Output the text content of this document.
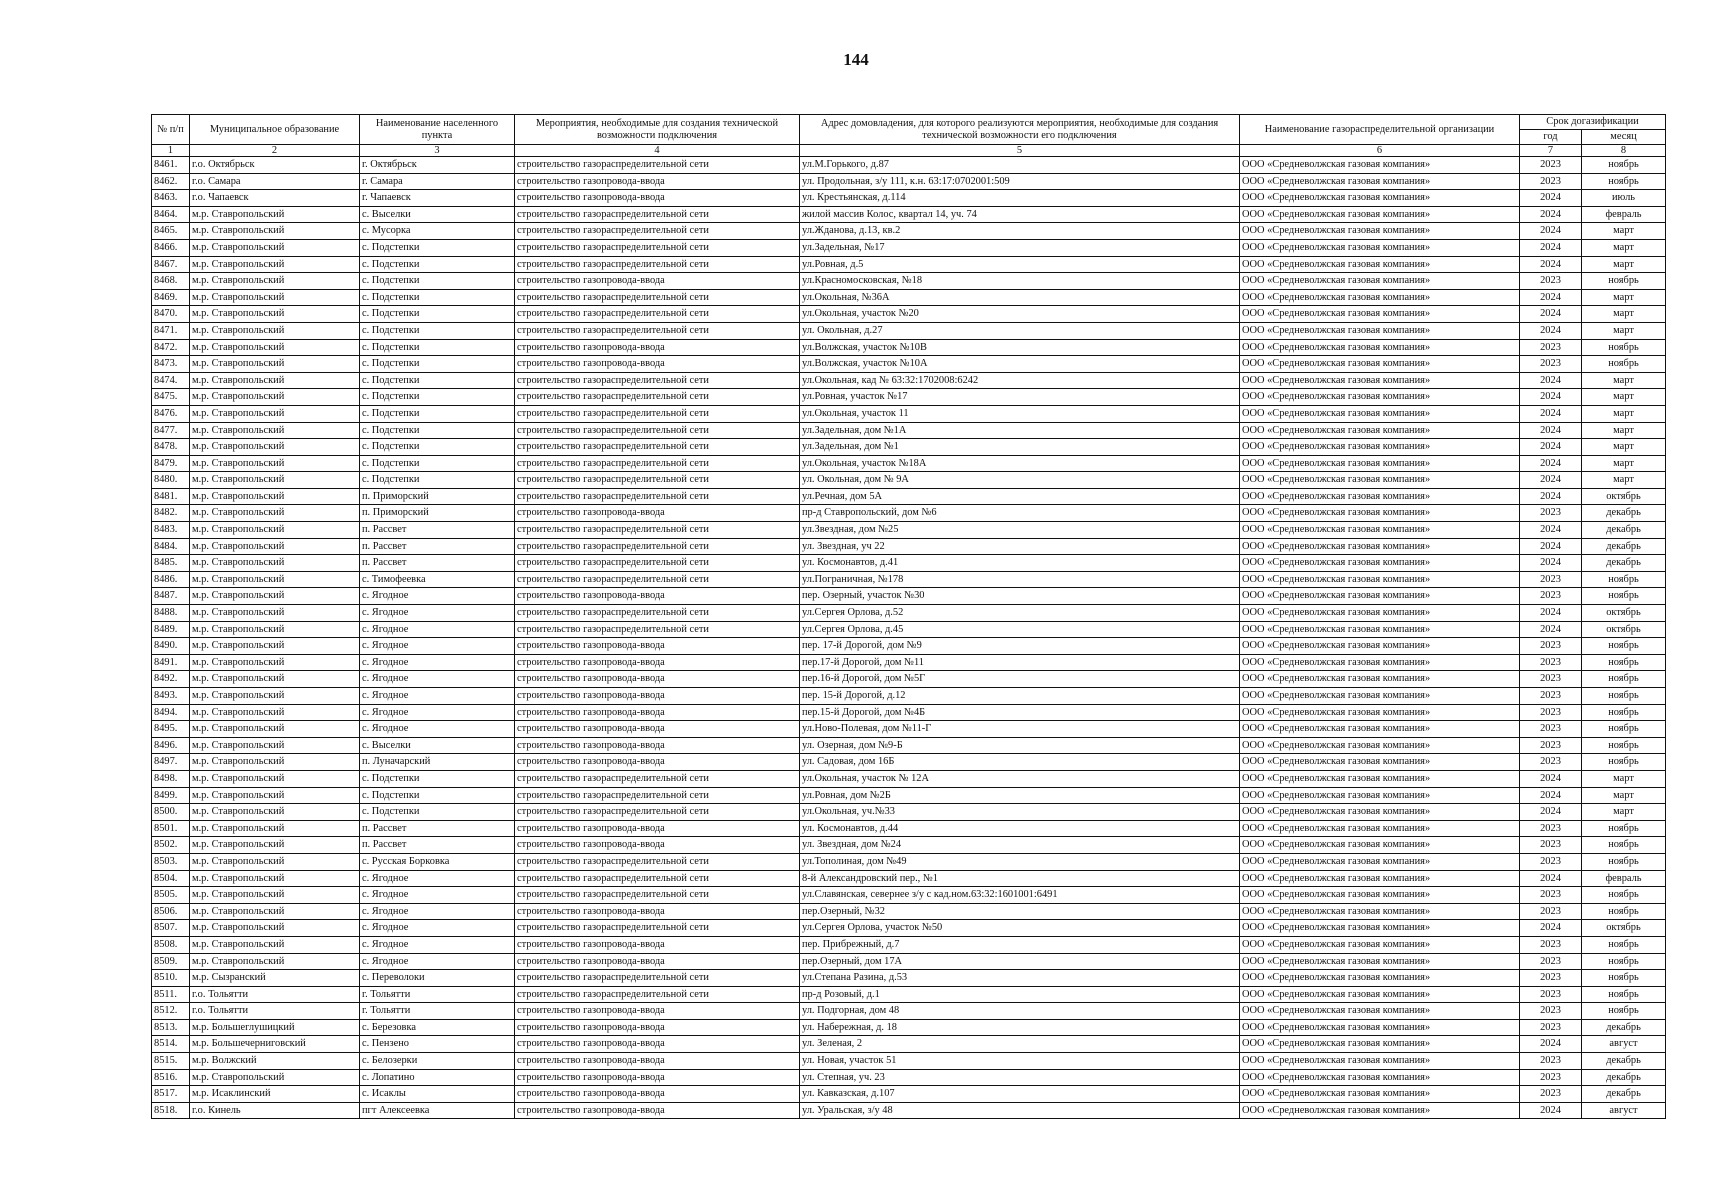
144
№ п/п	Муниципальное образование	Наименование населенного пункта	Мероприятия, необходимые для создания технической возможности подключения	Адрес домовладения, для которого реализуются мероприятия, необходимые для создания технической возможности его подключения	Наименование газораспределительной организации	Срок догазификации	
						год	месяц
1	2	3	4	5	6	7	8
8461.	г.о. Октябрьск	г. Октябрьск	строительство газораспределительной сети	ул.М.Горького, д.87	ООО «Средневолжская газовая компания»	2023	ноябрь
8462.	г.о. Самара	г. Самара	строительство газопровода-ввода	ул. Продольная, з/у 111, к.н. 63:17:0702001:509	ООО «Средневолжская газовая компания»	2023	ноябрь
8463.	г.о. Чапаевск	г. Чапаевск	строительство газопровода-ввода	ул. Крестьянская, д.114	ООО «Средневолжская газовая компания»	2024	июль
8464.	м.р. Ставропольский	с. Выселки	строительство газораспределительной сети	жилой массив Колос, квартал 14, уч. 74	ООО «Средневолжская газовая компания»	2024	февраль
8465.	м.р. Ставропольский	с. Мусорка	строительство газораспределительной сети	ул.Жданова, д.13, кв.2	ООО «Средневолжская газовая компания»	2024	март
8466.	м.р. Ставропольский	с. Подстепки	строительство газораспределительной сети	ул.Задельная, №17	ООО «Средневолжская газовая компания»	2024	март
8467.	м.р. Ставропольский	с. Подстепки	строительство газораспределительной сети	ул.Ровная, д.5	ООО «Средневолжская газовая компания»	2024	март
8468.	м.р. Ставропольский	с. Подстепки	строительство газопровода-ввода	ул.Красномосковская, №18	ООО «Средневолжская газовая компания»	2023	ноябрь
8469.	м.р. Ставропольский	с. Подстепки	строительство газораспределительной сети	ул.Окольная, №36А	ООО «Средневолжская газовая компания»	2024	март
8470.	м.р. Ставропольский	с. Подстепки	строительство газораспределительной сети	ул.Окольная, участок №20	ООО «Средневолжская газовая компания»	2024	март
8471.	м.р. Ставропольский	с. Подстепки	строительство газораспределительной сети	ул. Окольная, д.27	ООО «Средневолжская газовая компания»	2024	март
8472.	м.р. Ставропольский	с. Подстепки	строительство газопровода-ввода	ул.Волжская, участок №10В	ООО «Средневолжская газовая компания»	2023	ноябрь
8473.	м.р. Ставропольский	с. Подстепки	строительство газопровода-ввода	ул.Волжская, участок №10А	ООО «Средневолжская газовая компания»	2023	ноябрь
8474.	м.р. Ставропольский	с. Подстепки	строительство газораспределительной сети	ул.Окольная, кад № 63:32:1702008:6242	ООО «Средневолжская газовая компания»	2024	март
8475.	м.р. Ставропольский	с. Подстепки	строительство газораспределительной сети	ул.Ровная, участок №17	ООО «Средневолжская газовая компания»	2024	март
8476.	м.р. Ставропольский	с. Подстепки	строительство газораспределительной сети	ул.Окольная, участок 11	ООО «Средневолжская газовая компания»	2024	март
8477.	м.р. Ставропольский	с. Подстепки	строительство газораспределительной сети	ул.Задельная, дом №1А	ООО «Средневолжская газовая компания»	2024	март
8478.	м.р. Ставропольский	с. Подстепки	строительство газораспределительной сети	ул.Задельная, дом №1	ООО «Средневолжская газовая компания»	2024	март
8479.	м.р. Ставропольский	с. Подстепки	строительство газораспределительной сети	ул.Окольная, участок №18А	ООО «Средневолжская газовая компания»	2024	март
8480.	м.р. Ставропольский	с. Подстепки	строительство газораспределительной сети	ул. Окольная, дом № 9А	ООО «Средневолжская газовая компания»	2024	март
8481.	м.р. Ставропольский	п. Приморский	строительство газораспределительной сети	ул.Речная, дом 5А	ООО «Средневолжская газовая компания»	2024	октябрь
8482.	м.р. Ставропольский	п. Приморский	строительство газопровода-ввода	пр-д Ставропольский, дом №6	ООО «Средневолжская газовая компания»	2023	декабрь
8483.	м.р. Ставропольский	п. Рассвет	строительство газораспределительной сети	ул.Звездная, дом №25	ООО «Средневолжская газовая компания»	2024	декабрь
8484.	м.р. Ставропольский	п. Рассвет	строительство газораспределительной сети	ул. Звездная, уч 22	ООО «Средневолжская газовая компания»	2024	декабрь
8485.	м.р. Ставропольский	п. Рассвет	строительство газораспределительной сети	ул. Космонавтов, д.41	ООО «Средневолжская газовая компания»	2024	декабрь
8486.	м.р. Ставропольский	с. Тимофеевка	строительство газораспределительной сети	ул.Пограничная, №178	ООО «Средневолжская газовая компания»	2023	ноябрь
8487.	м.р. Ставропольский	с. Ягодное	строительство газопровода-ввода	пер. Озерный, участок №30	ООО «Средневолжская газовая компания»	2023	ноябрь
8488.	м.р. Ставропольский	с. Ягодное	строительство газораспределительной сети	ул.Сергея Орлова, д.52	ООО «Средневолжская газовая компания»	2024	октябрь
8489.	м.р. Ставропольский	с. Ягодное	строительство газораспределительной сети	ул.Сергея Орлова, д.45	ООО «Средневолжская газовая компания»	2024	октябрь
8490.	м.р. Ставропольский	с. Ягодное	строительство газопровода-ввода	пер. 17-й Дорогой, дом №9	ООО «Средневолжская газовая компания»	2023	ноябрь
8491.	м.р. Ставропольский	с. Ягодное	строительство газопровода-ввода	пер.17-й Дорогой, дом №11	ООО «Средневолжская газовая компания»	2023	ноябрь
8492.	м.р. Ставропольский	с. Ягодное	строительство газопровода-ввода	пер.16-й Дорогой, дом №5Г	ООО «Средневолжская газовая компания»	2023	ноябрь
8493.	м.р. Ставропольский	с. Ягодное	строительство газопровода-ввода	пер. 15-й Дорогой, д.12	ООО «Средневолжская газовая компания»	2023	ноябрь
8494.	м.р. Ставропольский	с. Ягодное	строительство газопровода-ввода	пер.15-й Дорогой, дом №4Б	ООО «Средневолжская газовая компания»	2023	ноябрь
8495.	м.р. Ставропольский	с. Ягодное	строительство газопровода-ввода	ул.Ново-Полевая, дом №11-Г	ООО «Средневолжская газовая компания»	2023	ноябрь
8496.	м.р. Ставропольский	с. Выселки	строительство газопровода-ввода	ул. Озерная, дом №9-Б	ООО «Средневолжская газовая компания»	2023	ноябрь
8497.	м.р. Ставропольский	п. Луначарский	строительство газопровода-ввода	ул. Садовая, дом 16Б	ООО «Средневолжская газовая компания»	2023	ноябрь
8498.	м.р. Ставропольский	с. Подстепки	строительство газораспределительной сети	ул.Окольная, участок № 12А	ООО «Средневолжская газовая компания»	2024	март
8499.	м.р. Ставропольский	с. Подстепки	строительство газораспределительной сети	ул.Ровная, дом №2Б	ООО «Средневолжская газовая компания»	2024	март
8500.	м.р. Ставропольский	с. Подстепки	строительство газораспределительной сети	ул.Окольная, уч.№33	ООО «Средневолжская газовая компания»	2024	март
8501.	м.р. Ставропольский	п. Рассвет	строительство газопровода-ввода	ул. Космонавтов, д.44	ООО «Средневолжская газовая компания»	2023	ноябрь
8502.	м.р. Ставропольский	п. Рассвет	строительство газопровода-ввода	ул. Звездная, дом №24	ООО «Средневолжская газовая компания»	2023	ноябрь
8503.	м.р. Ставропольский	с. Русская Борковка	строительство газораспределительной сети	ул.Тополиная, дом №49	ООО «Средневолжская газовая компания»	2023	ноябрь
8504.	м.р. Ставропольский	с. Ягодное	строительство газораспределительной сети	8-й Александровский пер., №1	ООО «Средневолжская газовая компания»	2024	февраль
8505.	м.р. Ставропольский	с. Ягодное	строительство газораспределительной сети	ул.Славянская, севернее з/у с кад.ном.63:32:1601001:6491	ООО «Средневолжская газовая компания»	2023	ноябрь
8506.	м.р. Ставропольский	с. Ягодное	строительство газопровода-ввода	пер.Озерный, №32	ООО «Средневолжская газовая компания»	2023	ноябрь
8507.	м.р. Ставропольский	с. Ягодное	строительство газораспределительной сети	ул.Сергея Орлова, участок №50	ООО «Средневолжская газовая компания»	2024	октябрь
8508.	м.р. Ставропольский	с. Ягодное	строительство газопровода-ввода	пер. Прибрежный, д.7	ООО «Средневолжская газовая компания»	2023	ноябрь
8509.	м.р. Ставропольский	с. Ягодное	строительство газопровода-ввода	пер.Озерный, дом 17А	ООО «Средневолжская газовая компания»	2023	ноябрь
8510.	м.р. Сызранский	с. Переволоки	строительство газораспределительной сети	ул.Степана Разина, д.53	ООО «Средневолжская газовая компания»	2023	ноябрь
8511.	г.о. Тольятти	г. Тольятти	строительство газораспределительной сети	пр-д Розовый, д.1	ООО «Средневолжская газовая компания»	2023	ноябрь
8512.	г.о. Тольятти	г. Тольятти	строительство газопровода-ввода	ул. Подгорная, дом 48	ООО «Средневолжская газовая компания»	2023	ноябрь
8513.	м.р. Большеглушицкий	с. Березовка	строительство газопровода-ввода	ул. Набережная, д. 18	ООО «Средневолжская газовая компания»	2023	декабрь
8514.	м.р. Большечерниговский	с. Пензено	строительство газопровода-ввода	ул. Зеленая, 2	ООО «Средневолжская газовая компания»	2024	август
8515.	м.р. Волжский	с. Белозерки	строительство газопровода-ввода	ул. Новая, участок 51	ООО «Средневолжская газовая компания»	2023	декабрь
8516.	м.р. Ставропольский	с. Лопатино	строительство газопровода-ввода	ул. Степная, уч. 23	ООО «Средневолжская газовая компания»	2023	декабрь
8517.	м.р. Исаклинский	с. Исаклы	строительство газопровода-ввода	ул. Кавказская, д.107	ООО «Средневолжская газовая компания»	2023	декабрь
8518.	г.о. Кинель	пгт Алексеевка	строительство газопровода-ввода	ул. Уральская, з/у 48	ООО «Средневолжская газовая компания»	2024	август
